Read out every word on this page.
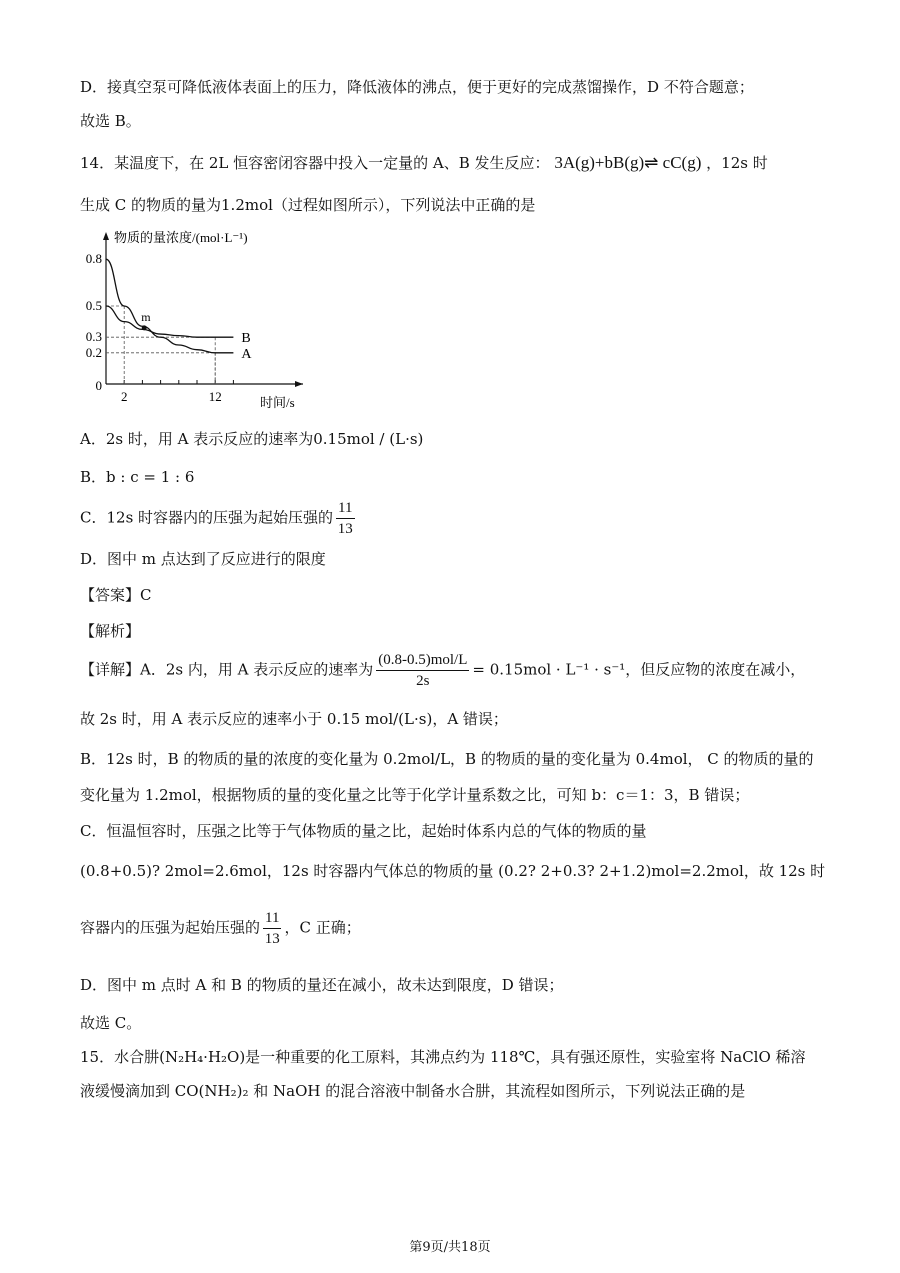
D．接真空泵可降低液体表面上的压力，降低液体的沸点，便于更好的完成蒸馏操作，D 不符合题意；
故选 B。
14．某温度下，在 2L 恒容密闭容器中投入一定量的 A、B 发生反应： 3A(g)+bB(g)⇌ cC(g) ，12s 时
生成 C 的物质的量为1.2mol（过程如图所示），下列说法中正确的是
物质的量浓度/(mol·L⁻¹)
时间/s
0
0.2
0.3
0.5
0.8
2	12
A
B
m
A．2s 时，用 A 表示反应的速率为0.15mol / (L·s)
B．b : c = 1 : 6
C．12s 时容器内的压强为起始压强的 $\frac{11}{13}$
D．图中 m 点达到了反应进行的限度
【答案】C
【解析】
【详解】A．2s 内，用 A 表示反应的速率为 $\frac{\text{(0.8-0.5)mol/L}}{2s} = 0.15mol \cdot L^{-1} \cdot s^{-1}$，但反应物的浓度在减小，
故 2s 时，用 A 表示反应的速率小于 0.15 mol/(L·s)，A 错误；
B．12s 时，B 的物质的量的浓度的变化量为 0.2mol/L，B 的物质的量的变化量为 0.4mol， C 的物质的量的
变化量为 1.2mol，根据物质的量的变化量之比等于化学计量系数之比，可知 b：c＝1：3，B 错误；
C．恒温恒容时，压强之比等于气体物质的量之比，起始时体系内总的气体的物质的量
(0.8+0.5)? 2mol=2.6mol，12s 时容器内气体总的物质的量 (0.2? 2+0.3? 2+1.2)mol=2.2mol，故 12s 时
容器内的压强为起始压强的 $\frac{11}{13}$ ，C 正确；
D．图中 m 点时 A 和 B 的物质的量还在减小，故未达到限度，D 错误；
故选 C。
15．水合肼(N₂H₄·H₂O)是一种重要的化工原料，其沸点约为 118℃，具有强还原性，实验室将 NaClO 稀溶
液缓慢滴加到 CO(NH₂)₂ 和 NaOH 的混合溶液中制备水合肼，其流程如图所示，下列说法正确的是
第9页/共18页
